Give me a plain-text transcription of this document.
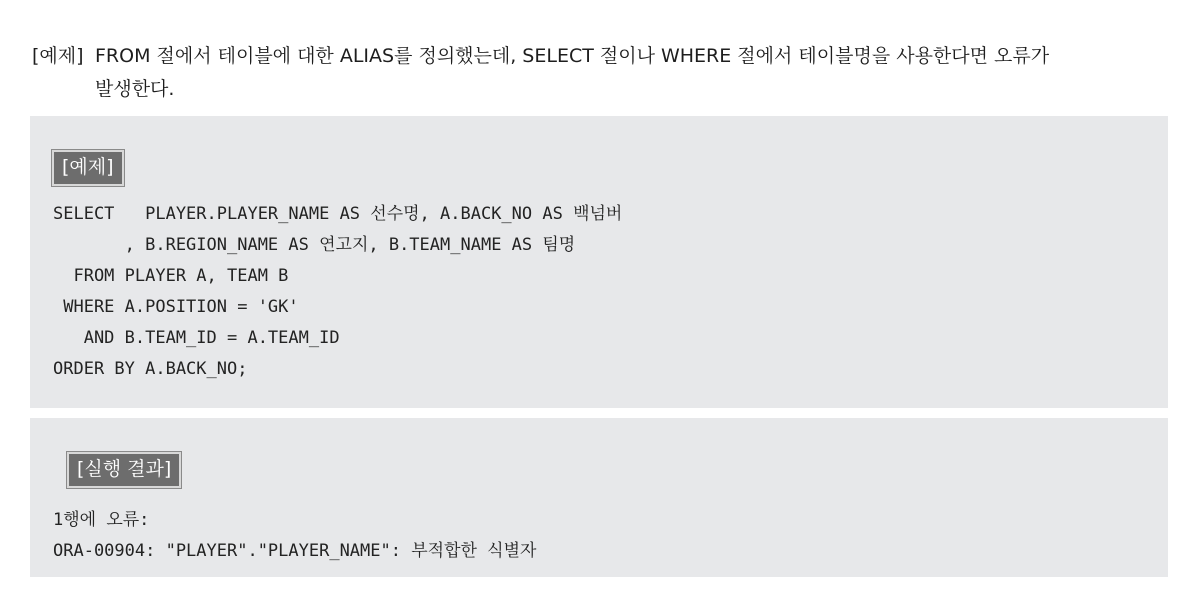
[예제] FROM 절에서 테이블에 대한 ALIAS를 정의했는데, SELECT 절이나 WHERE 절에서 테이블명을 사용한다면 오류가
발생한다.
[예제]
SELECT   PLAYER.PLAYER_NAME AS 선수명, A.BACK_NO AS 백넘버
, B.REGION_NAME AS 연고지, B.TEAM_NAME AS 팀명
FROM PLAYER A, TEAM B
WHERE A.POSITION = 'GK'
AND B.TEAM_ID = A.TEAM_ID
ORDER BY A.BACK_NO;
[실행 결과]
1행에 오류:
ORA-00904: "PLAYER"."PLAYER_NAME": 부적합한 식별자
